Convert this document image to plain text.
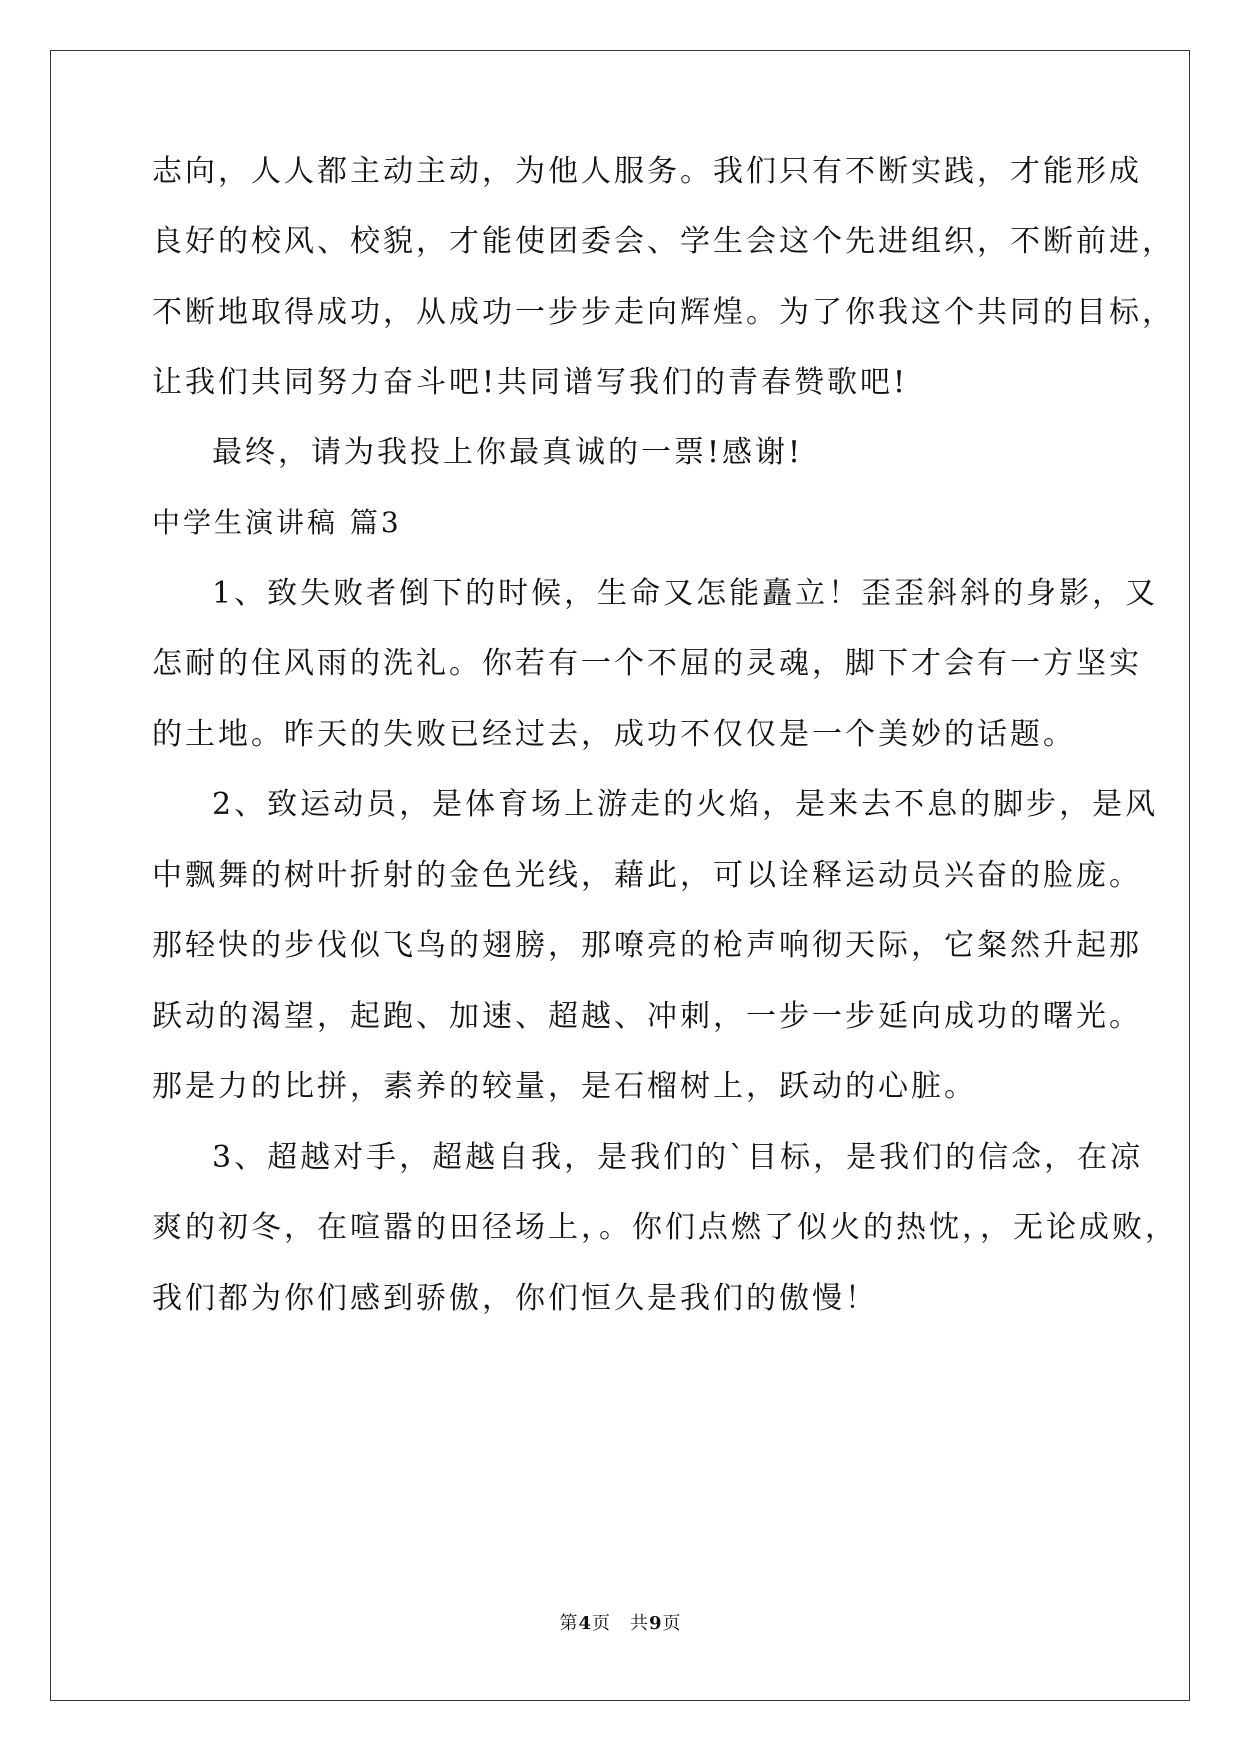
志向，人人都主动主动，为他人服务。我们只有不断实践，才能形成
良好的校风、校貌，才能使团委会、学生会这个先进组织，不断前进，
不断地取得成功，从成功一步步走向辉煌。为了你我这个共同的目标，
让我们共同努力奋斗吧!共同谱写我们的青春赞歌吧!
最终，请为我投上你最真诚的一票!感谢!
中学生演讲稿 篇3
1、致失败者倒下的时候，生命又怎能矗立！歪歪斜斜的身影，又
怎耐的住风雨的洗礼。你若有一个不屈的灵魂，脚下才会有一方坚实
的土地。昨天的失败已经过去，成功不仅仅是一个美妙的话题。
2、致运动员，是体育场上游走的火焰，是来去不息的脚步，是风
中飘舞的树叶折射的金色光线，藉此，可以诠释运动员兴奋的脸庞。
那轻快的步伐似飞鸟的翅膀，那嘹亮的枪声响彻天际，它粲然升起那
跃动的渴望，起跑、加速、超越、冲刺，一步一步延向成功的曙光。
那是力的比拼，素养的较量，是石榴树上，跃动的心脏。
3、超越对手，超越自我，是我们的`目标，是我们的信念，在凉
爽的初冬，在喧嚣的田径场上，。你们点燃了似火的热忱，，无论成败，
我们都为你们感到骄傲，你们恒久是我们的傲慢！
第4页　共9页
